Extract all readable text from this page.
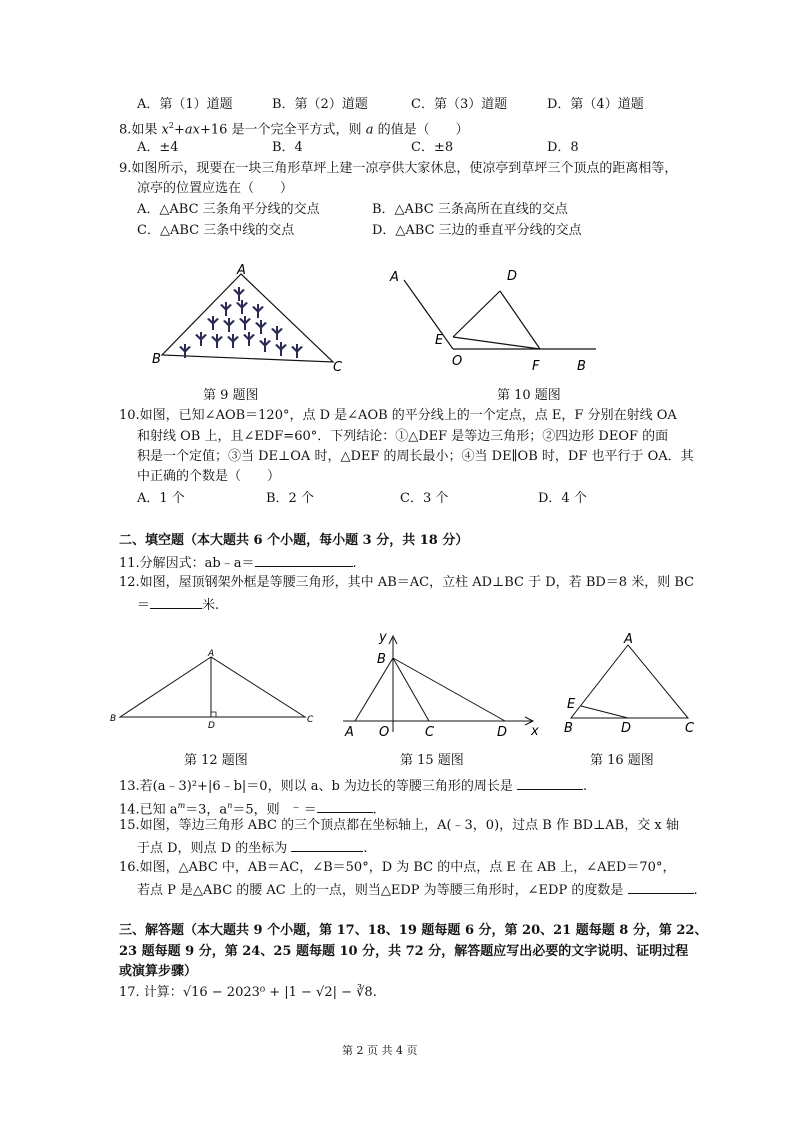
A．第（1）道题	B．第（2）道题	C．第（3）道题	D．第（4）道题
8.如果 $x^2+ax+16$ 是一个完全平方式，则 a 的值是（　　）
A．±4	B．4	C．±8	D．8
9.如图所示，现要在一块三角形草坪上建一凉亭供大家休息，使凉亭到草坪三个顶点的距离相等，
凉亭的位置应选在（　　）
A．△ABC 三条角平分线的交点	B．△ABC 三条高所在直线的交点
C．△ABC 三条中线的交点	D．△ABC 三边的垂直平分线的交点
A
B
C
第 9 题图
A	D
E
O	F	B
第 10 题图
10.如图，已知∠AOB＝120°，点 D 是∠AOB 的平分线上的一个定点，点 E，F 分别在射线 OA
和射线 OB 上，且∠EDF=60°．下列结论：①△DEF 是等边三角形；②四边形 DEOF 的面
积是一个定值；③当 DE⊥OA 时，△DEF 的周长最小；④当 DE∥OB 时，DF 也平行于 OA．其
中正确的个数是（　　）
A．1 个	B．2 个	C．3 个	D．4 个
二、填空题（本大题共 6 个小题，每小题 3 分，共 18 分）
11.分解因式：ab﹣a＝	.
12.如图，屋顶钢架外框是等腰三角形，其中 AB＝AC，立柱 AD⊥BC 于 D，若 BD＝8 米，则 BC
＝	米.
A
B	C
D
第 12 题图
y
x
B
A O	C	D
第 15 题图
A
E
B	D	C
第 16 题图
13.若(a﹣3)²+|6﹣b|＝0，则以 a、b 为边长的等腰三角形的周长是	.
14.已知 $a^m=3$，$a^n=5$，则　⁻ ＝	.
15.如图，等边三角形 ABC 的三个顶点都在坐标轴上，A(﹣3，0)，过点 B 作 BD⊥AB，交 x 轴
于点 D，则点 D 的坐标为	.
16.如图，△ABC 中，AB＝AC，∠B＝50°，D 为 BC 的中点，点 E 在 AB 上，∠AED＝70°，
若点 P 是△ABC 的腰 AC 上的一点，则当△EDP 为等腰三角形时，∠EDP 的度数是	.
三、解答题（本大题共 9 个小题，第 17、18、19 题每题 6 分，第 20、21 题每题 8 分，第 22、
23 题每题 9 分，第 24、25 题每题 10 分，共 72 分，解答题应写出必要的文字说明、证明过程
或演算步骤）
17. 计算：√16 − 2023⁰ + |1 − √2| − ∛8.
第 2 页 共 4 页
